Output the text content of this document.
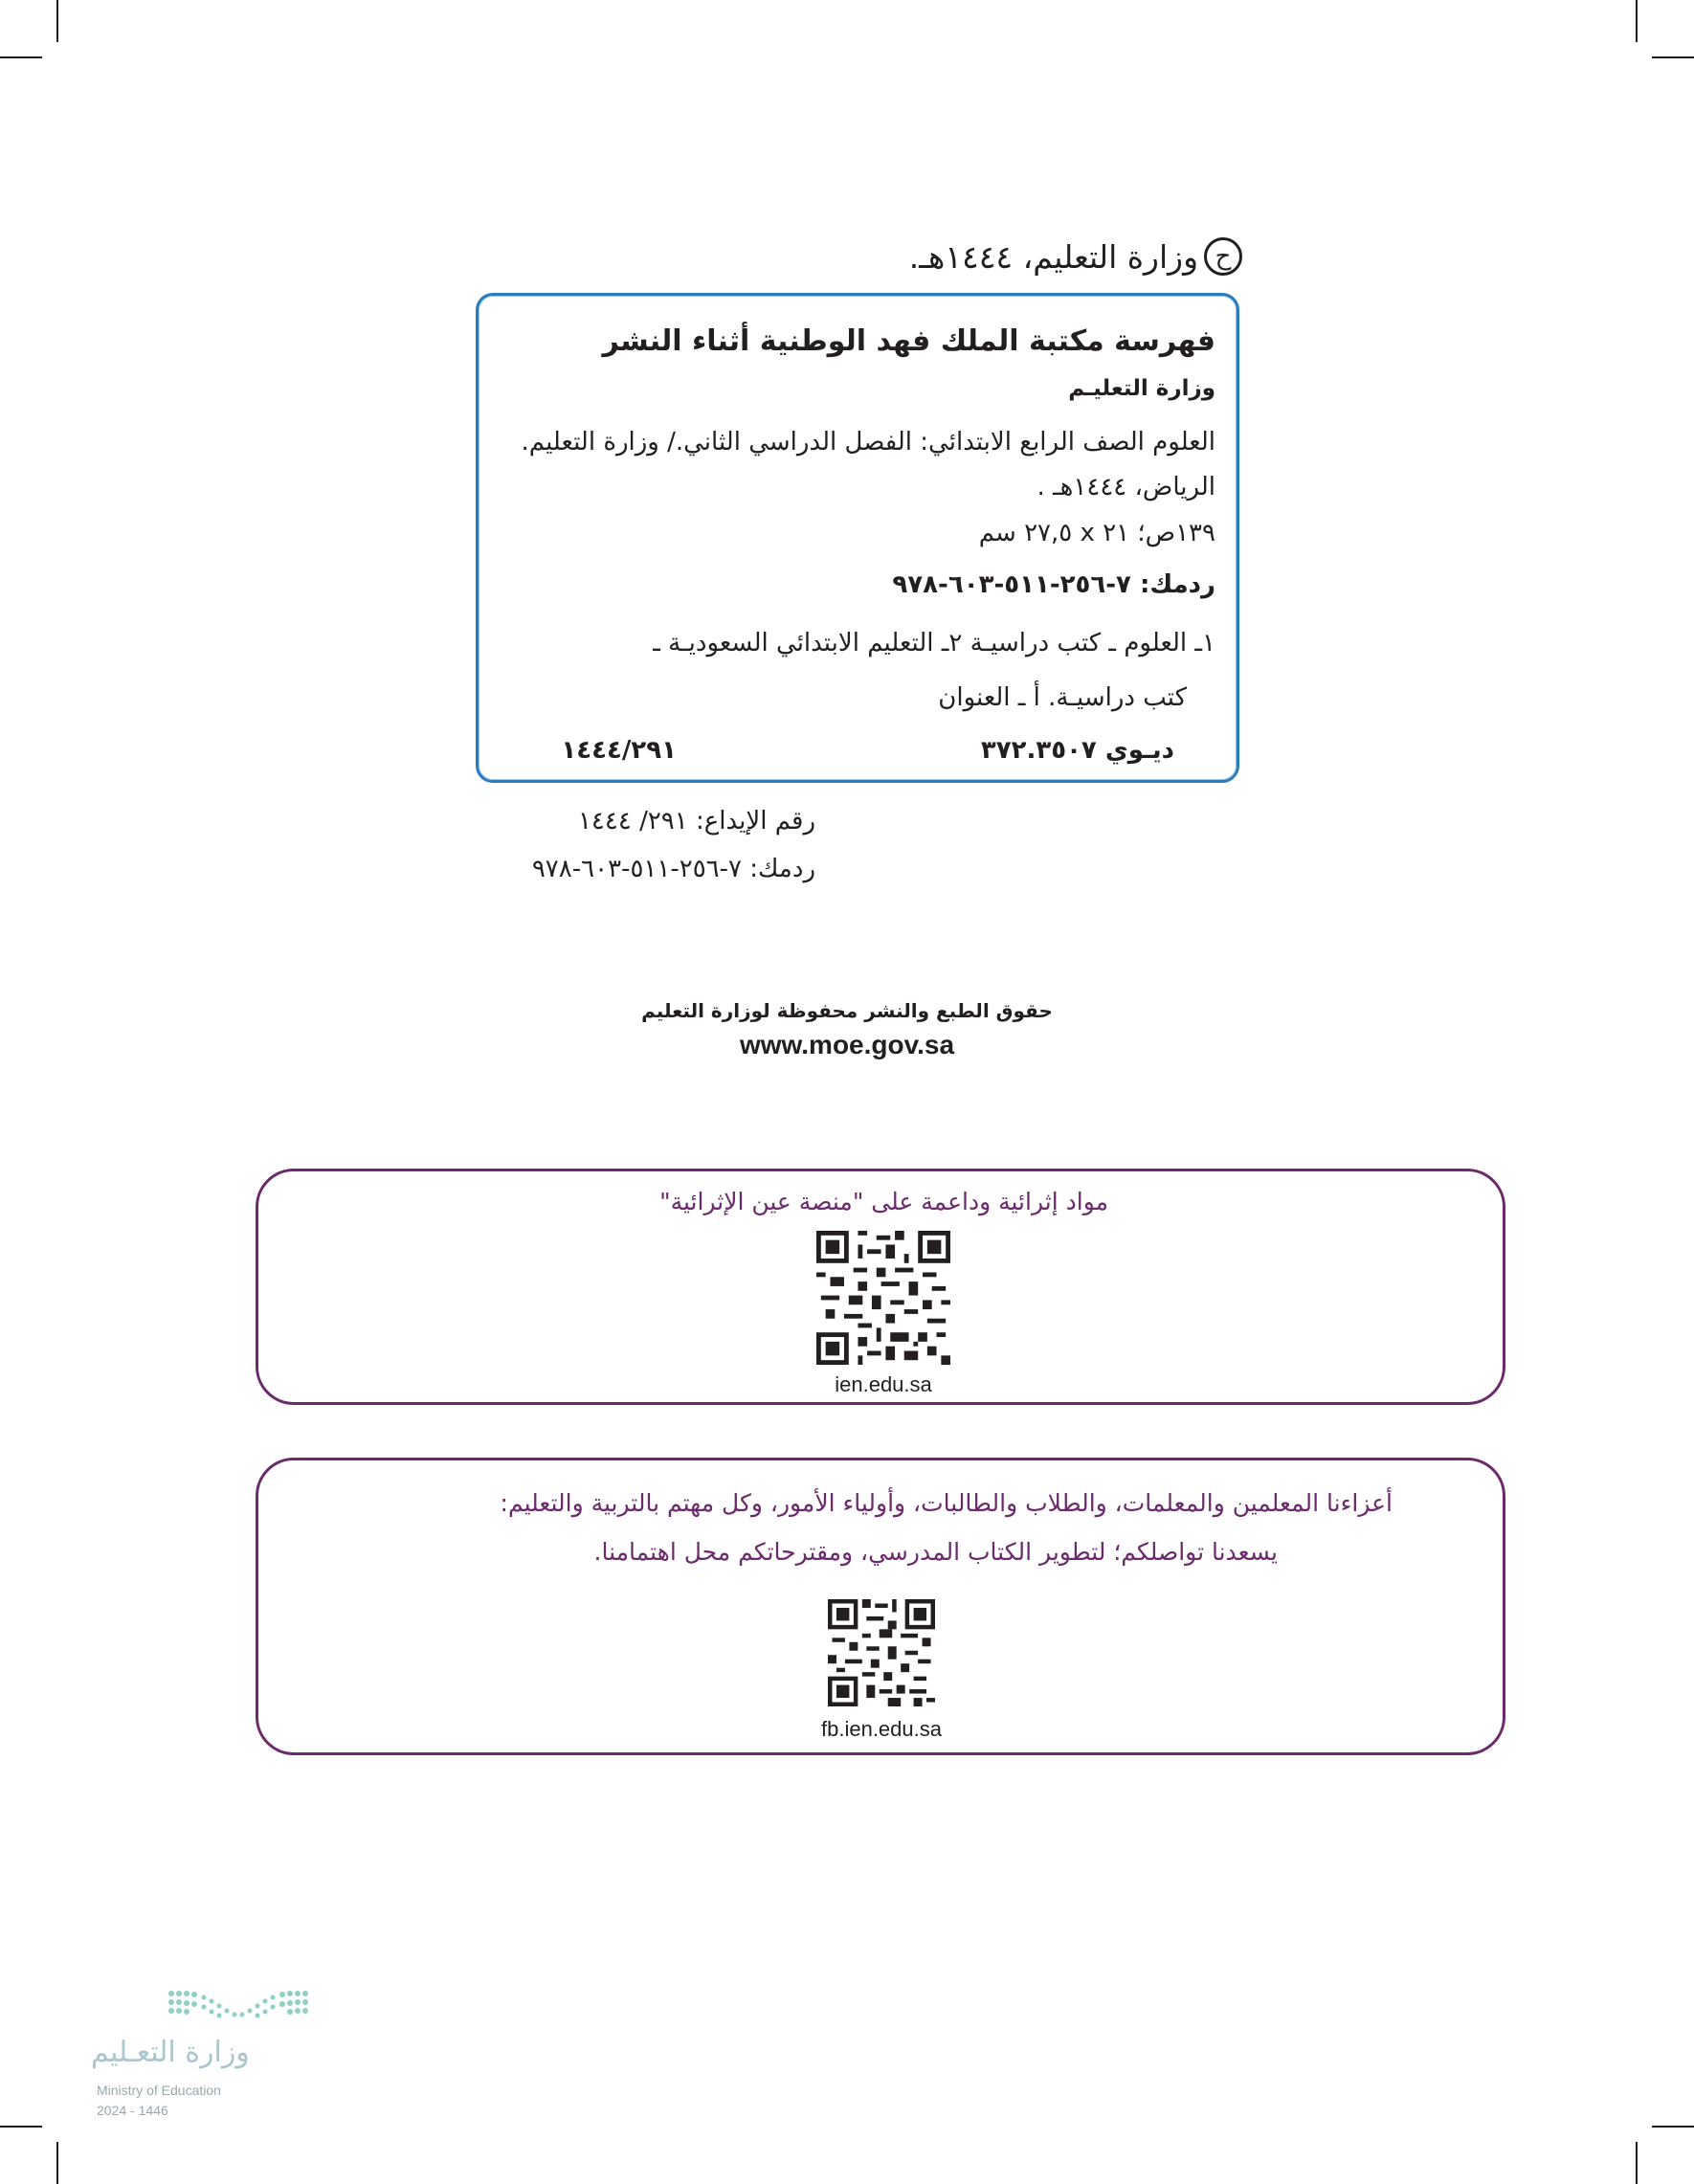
ح
وزارة التعليم، ١٤٤٤هـ.
فهرسة مكتبة الملك فهد الوطنية أثناء النشر
وزارة التعليـم
العلوم الصف الرابع الابتدائي: الفصل الدراسي الثاني./ وزارة التعليم.
الرياض، ١٤٤٤هـ .
١٣٩ص؛ ٢١ x ٢٧,٥ سم
ردمك: ٧-٢٥٦-٥١١-٦٠٣-٩٧٨
١ـ العلوم ـ كتب دراسيـة ٢ـ التعليم الابتدائي السعوديـة ـ
كتب دراسيـة. أ ـ العنوان
ديـوي ٣٧٢.٣٥٠٧
١٤٤٤/٢٩١
رقم الإيداع: ٢٩١/ ١٤٤٤
ردمك: ٧-٢٥٦-٥١١-٦٠٣-٩٧٨
حقوق الطبع والنشر محفوظة لوزارة التعليم
www.moe.gov.sa
مواد إثرائية وداعمة على "منصة عين الإثرائية"
ien.edu.sa
أعزاءنا المعلمين والمعلمات، والطلاب والطالبات، وأولياء الأمور، وكل مهتم بالتربية والتعليم:
يسعدنا تواصلكم؛ لتطوير الكتاب المدرسي، ومقترحاتكم محل اهتمامنا.
fb.ien.edu.sa
وزارة التعـليم
Ministry of Education
2024 - 1446
